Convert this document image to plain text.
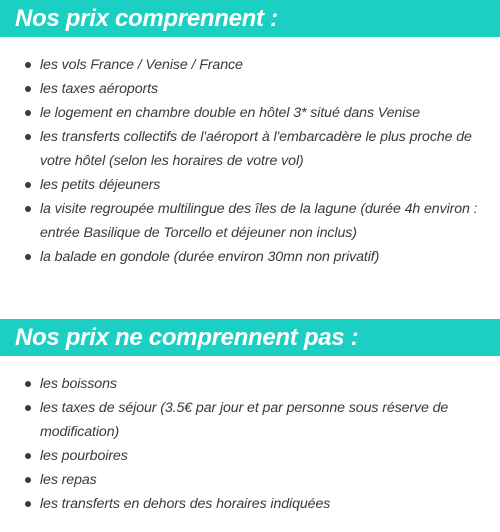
Nos prix comprennent :
les vols France / Venise / France
les taxes aéroports
le logement en chambre double en hôtel 3* situé dans Venise
les transferts collectifs de l'aéroport à l'embarcadère le plus proche de votre hôtel (selon les horaires de votre vol)
les petits déjeuners
la visite regroupée multilingue des îles de la lagune (durée 4h environ : entrée Basilique de Torcello et déjeuner non inclus)
la balade en gondole (durée environ 30mn non privatif)
Nos prix ne comprennent pas :
les boissons
les taxes de séjour (3.5€ par jour et par personne sous réserve de modification)
les pourboires
les repas
les transferts en dehors des horaires indiquées
